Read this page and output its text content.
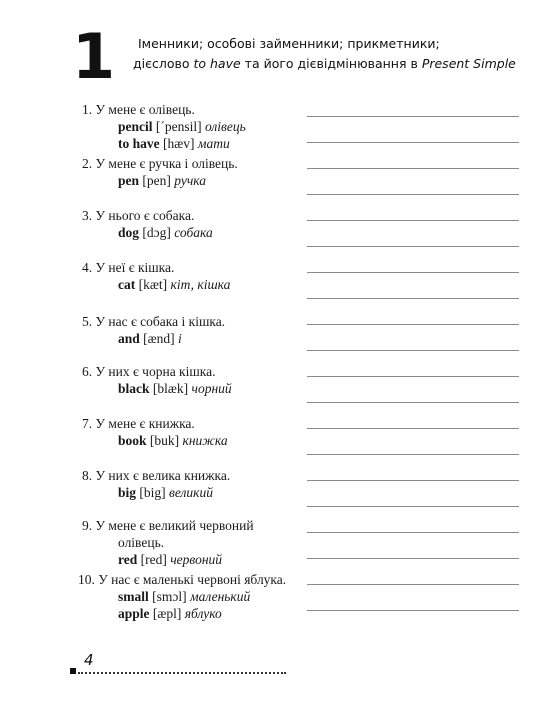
1 Іменники; особові займенники; прикметники;
дієслово to have та його дієвідмінювання в Present Simple
1. У мене є олівець.
pencil [ˊpensil] олівець
to have [hæv] мати
2. У мене є ручка і олівець.
pen [pen] ручка
3. У нього є собака.
dog [dɔg] собака
4. У неї є кішка.
cat [kæt] кіт, кішка
5. У нас є собака і кішка.
and [ænd] і
6. У них є чорна кішка.
black [blæk] чорний
7. У мене є книжка.
book [buk] книжка
8. У них є велика книжка.
big [big] великий
9. У мене є великий червоний
олівець.
red [red] червоний
10. У нас є маленькі червоні яблука.
small [smɔl] маленький
apple [æpl] яблуко
4
